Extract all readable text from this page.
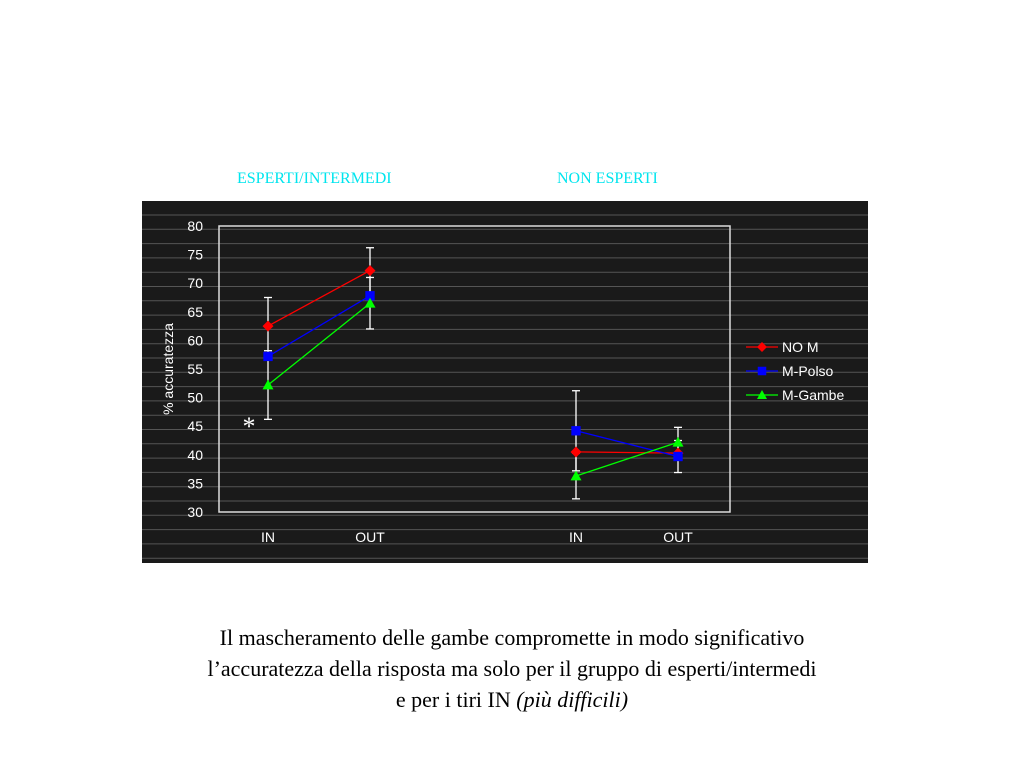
ESPERTI/INTERMEDI	NON ESPERTI
30
35
40
45
50
55
60
65
70
75
80
% accuratezza
IN	OUT	IN	OUT
*
NO M
M-Polso
M-Gambe
Il mascheramento delle gambe compromette in modo significativo
l’accuratezza della risposta ma solo per il gruppo di esperti/intermedi
e per i tiri IN (più difficili)
